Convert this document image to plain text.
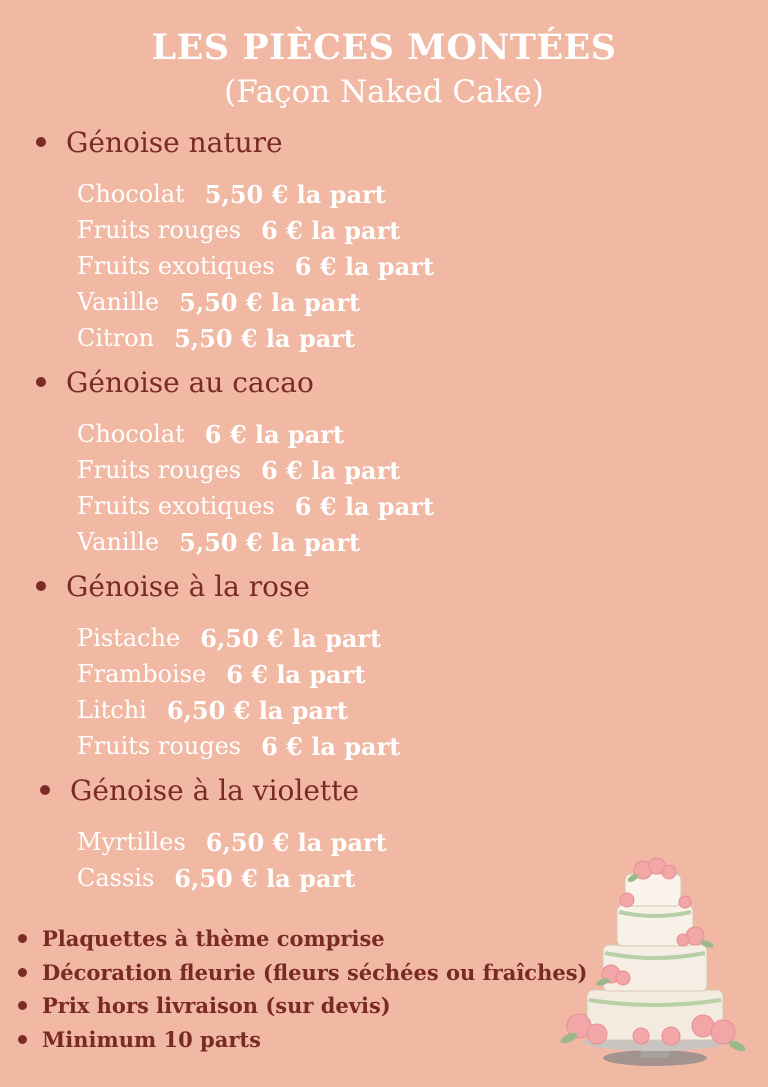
LES PIÈCES MONTÉES
(Façon Naked Cake)
Génoise nature
Chocolat 5,50 € la part
Fruits rouges 6 € la part
Fruits exotiques 6 € la part
Vanille 5,50 € la part
Citron 5,50 € la part
Génoise au cacao
Chocolat 6 € la part
Fruits rouges 6 € la part
Fruits exotiques 6 € la part
Vanille 5,50 € la part
Génoise à la rose
Pistache 6,50 € la part
Framboise 6 € la part
Litchi 6,50 € la part
Fruits rouges 6 € la part
Génoise à la violette
Myrtilles 6,50 € la part
Cassis 6,50 € la part
Plaquettes à thème comprise
Décoration fleurie (fleurs séchées ou fraîches)
Prix hors livraison (sur devis)
Minimum 10 parts
